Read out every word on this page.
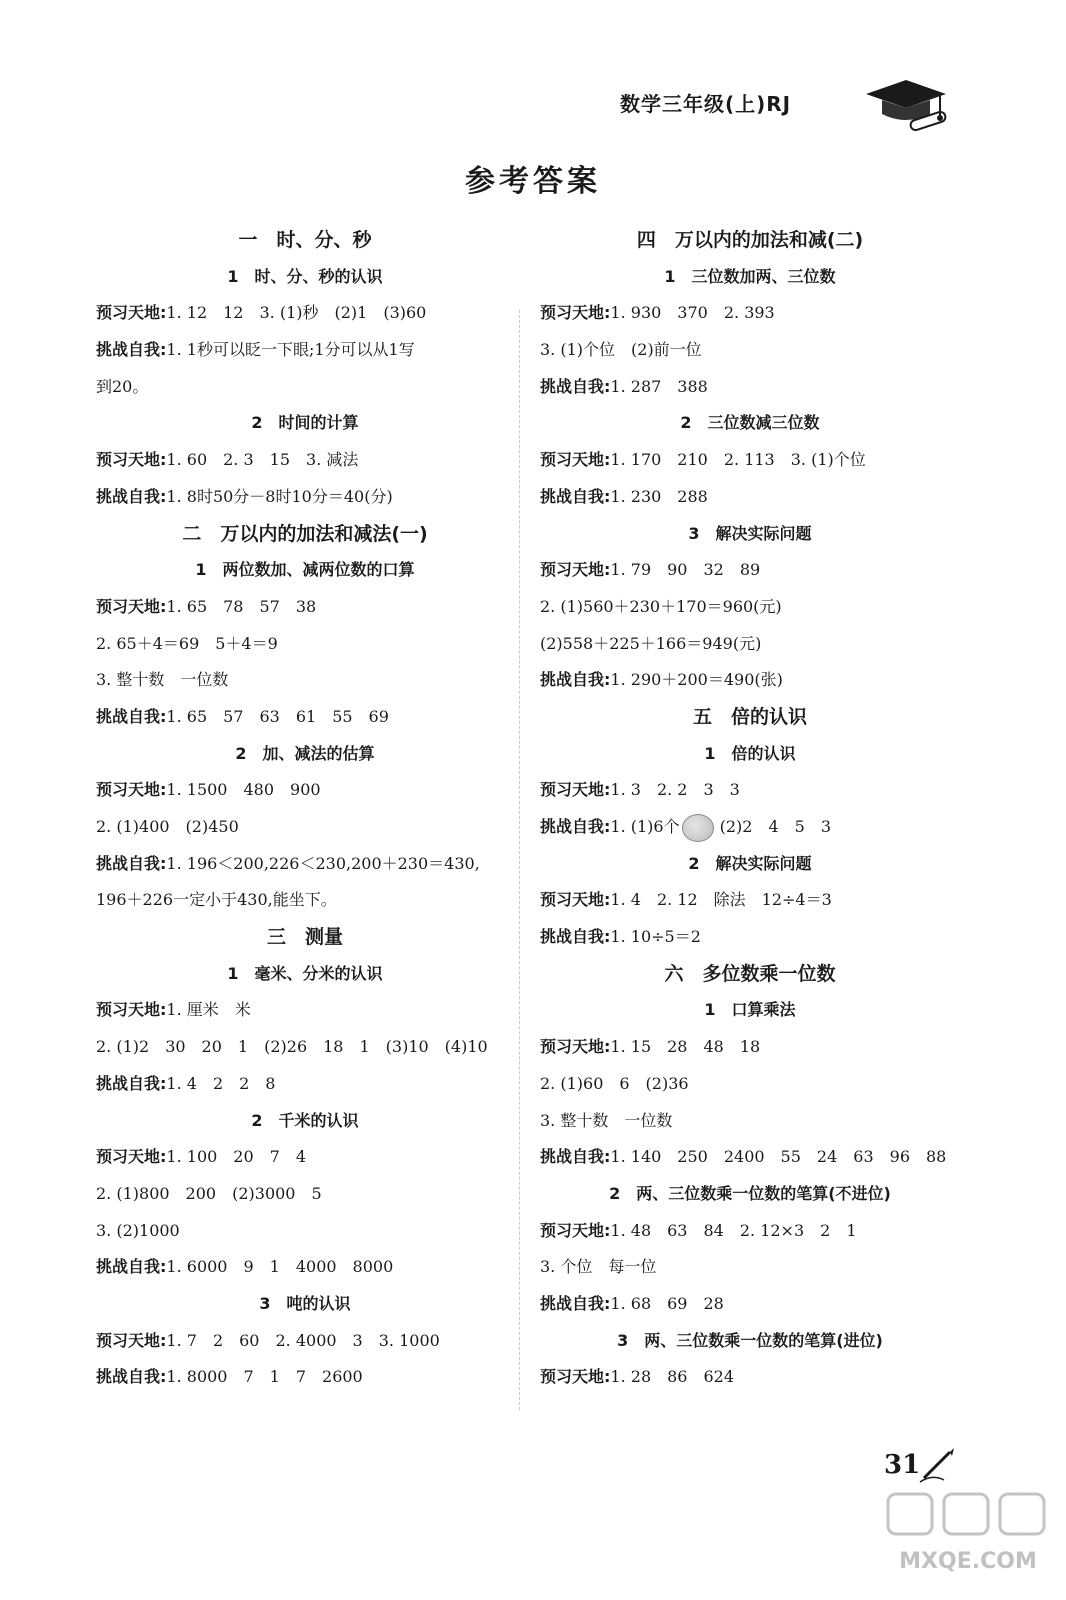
数学三年级(上)RJ
参考答案
一　时、分、秒
1　时、分、秒的认识
预习天地:1. 12　12　3. (1)秒　(2)1　(3)60
挑战自我:1. 1秒可以眨一下眼;1分可以从1写
到20。
2　时间的计算
预习天地:1. 60　2. 3　15　3. 减法
挑战自我:1. 8时50分－8时10分＝40(分)
二　万以内的加法和减法(一)
1　两位数加、减两位数的口算
预习天地:1. 65　78　57　38
2. 65＋4＝69　5＋4＝9
3. 整十数　一位数
挑战自我:1. 65　57　63　61　55　69
2　加、减法的估算
预习天地:1. 1500　480　900
2. (1)400　(2)450
挑战自我:1. 196＜200,226＜230,200＋230＝430,
196＋226一定小于430,能坐下。
三　测量
1　毫米、分米的认识
预习天地:1. 厘米　米
2. (1)2　30　20　1　(2)26　18　1　(3)10　(4)10
挑战自我:1. 4　2　2　8
2　千米的认识
预习天地:1. 100　20　7　4
2. (1)800　200　(2)3000　5
3. (2)1000
挑战自我:1. 6000　9　1　4000　8000
3　吨的认识
预习天地:1. 7　2　60　2. 4000　3　3. 1000
挑战自我:1. 8000　7　1　7　2600
四　万以内的加法和减(二)
1　三位数加两、三位数
预习天地:1. 930　370　2. 393
3. (1)个位　(2)前一位
挑战自我:1. 287　388
2　三位数减三位数
预习天地:1. 170　210　2. 113　3. (1)个位
挑战自我:1. 230　288
3　解决实际问题
预习天地:1. 79　90　32　89
2. (1)560＋230＋170＝960(元)
(2)558＋225＋166＝949(元)
挑战自我:1. 290＋200＝490(张)
五　倍的认识
1　倍的认识
预习天地:1. 3　2. 2　3　3
挑战自我:1. (1)6个	(2)2　4　5　3
2　解决实际问题
预习天地:1. 4　2. 12　除法　12÷4＝3
挑战自我:1. 10÷5＝2
六　多位数乘一位数
1　口算乘法
预习天地:1. 15　28　48　18
2. (1)60　6　(2)36
3. 整十数　一位数
挑战自我:1. 140　250　2400　55　24　63　96　88
2　两、三位数乘一位数的笔算(不进位)
预习天地:1. 48　63　84　2. 12×3　2　1
3. 个位　每一位
挑战自我:1. 68　69　28
3　两、三位数乘一位数的笔算(进位)
预习天地:1. 28　86　624
31
MXQE.COM
